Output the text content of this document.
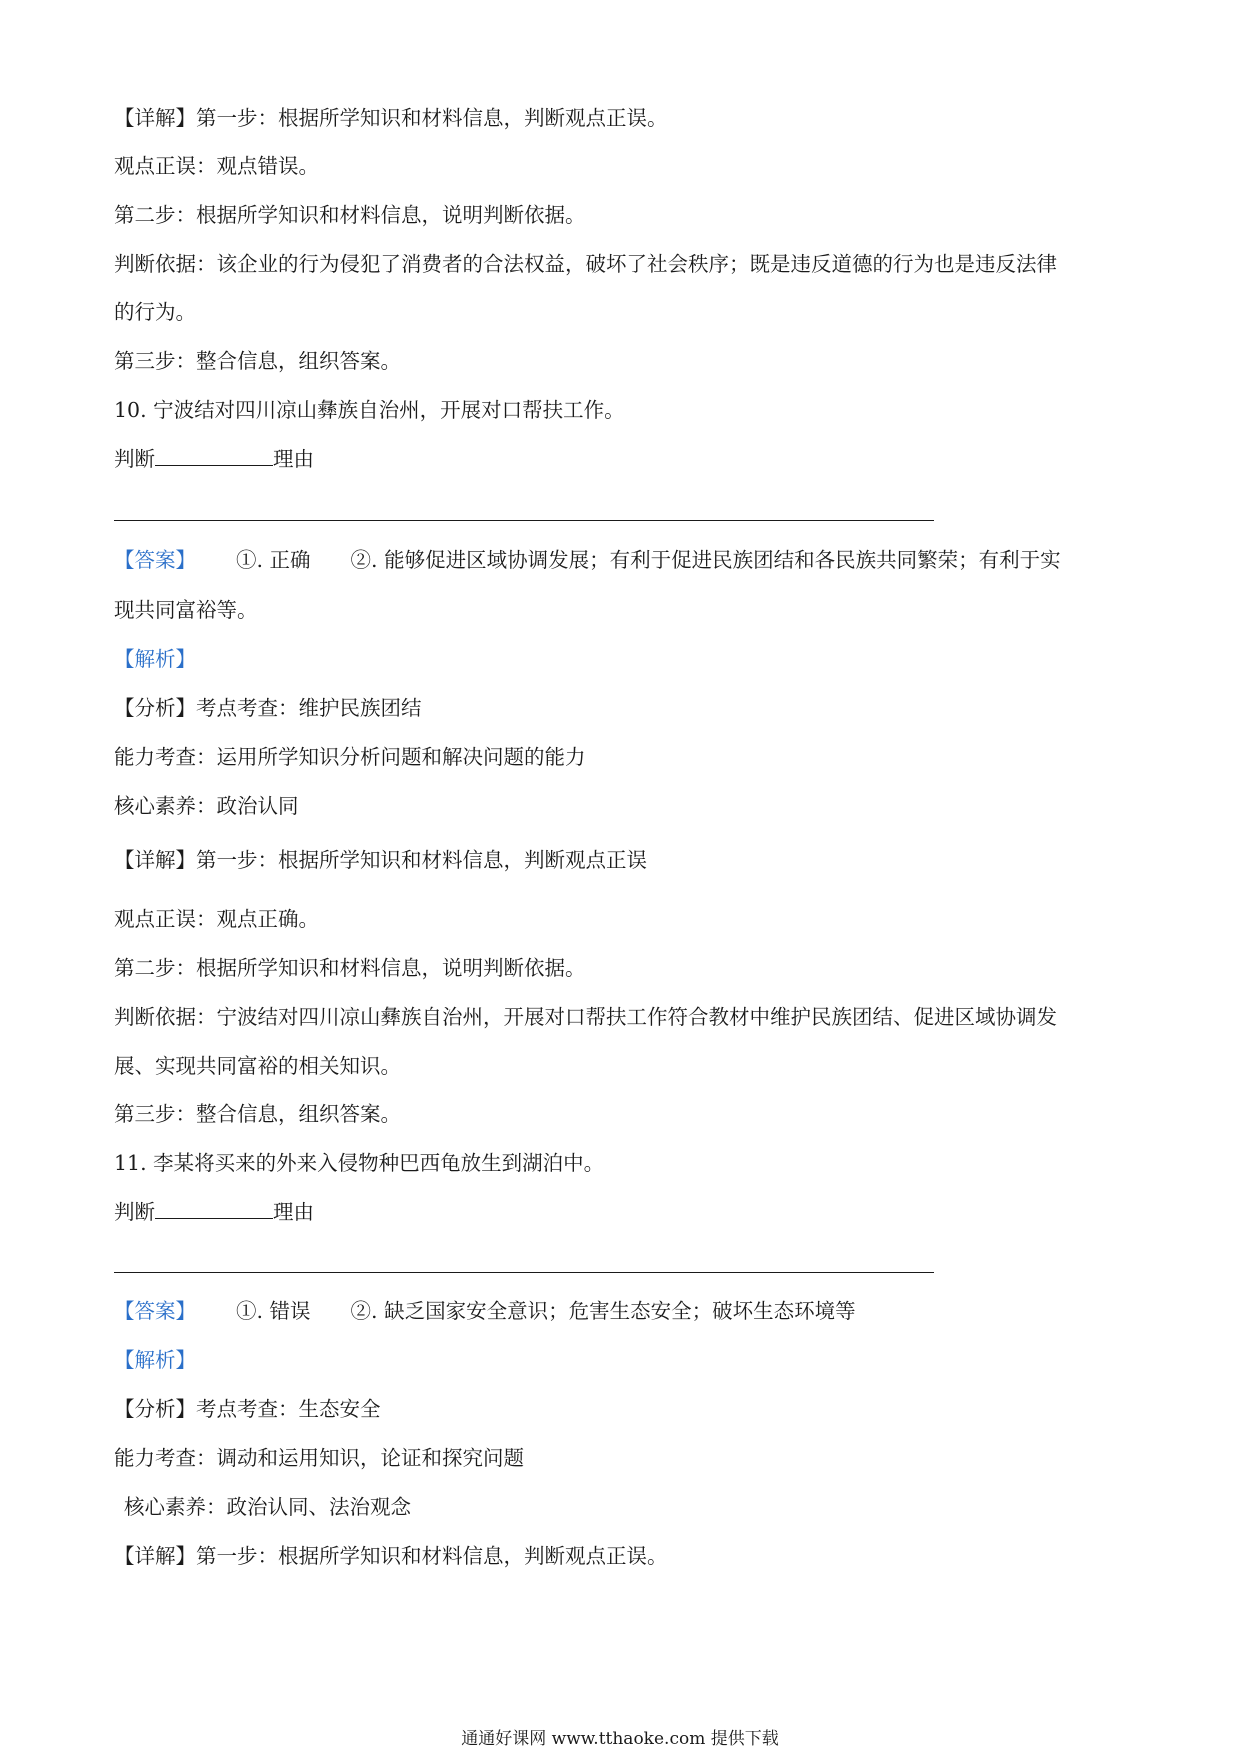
【详解】第一步：根据所学知识和材料信息，判断观点正误。
观点正误：观点错误。
第二步：根据所学知识和材料信息，说明判断依据。
判断依据：该企业的行为侵犯了消费者的合法权益，破坏了社会秩序；既是违反道德的行为也是违反法律
的行为。
第三步：整合信息，组织答案。
10. 宁波结对四川凉山彝族自治州，开展对口帮扶工作。
判断	理由
【答案】 ①. 正确 ②. 能够促进区域协调发展；有利于促进民族团结和各民族共同繁荣；有利于实
现共同富裕等。
【解析】
【分析】考点考查：维护民族团结
能力考查：运用所学知识分析问题和解决问题的能力
核心素养：政治认同
【详解】第一步：根据所学知识和材料信息，判断观点正误
观点正误：观点正确。
第二步：根据所学知识和材料信息，说明判断依据。
判断依据：宁波结对四川凉山彝族自治州，开展对口帮扶工作符合教材中维护民族团结、促进区域协调发
展、实现共同富裕的相关知识。
第三步：整合信息，组织答案。
11. 李某将买来的外来入侵物种巴西龟放生到湖泊中。
判断	理由
【答案】 ①. 错误 ②. 缺乏国家安全意识；危害生态安全；破坏生态环境等
【解析】
【分析】考点考查：生态安全
能力考查：调动和运用知识，论证和探究问题
核心素养：政治认同、法治观念
【详解】第一步：根据所学知识和材料信息，判断观点正误。
通通好课网 www.tthaoke.com 提供下载
